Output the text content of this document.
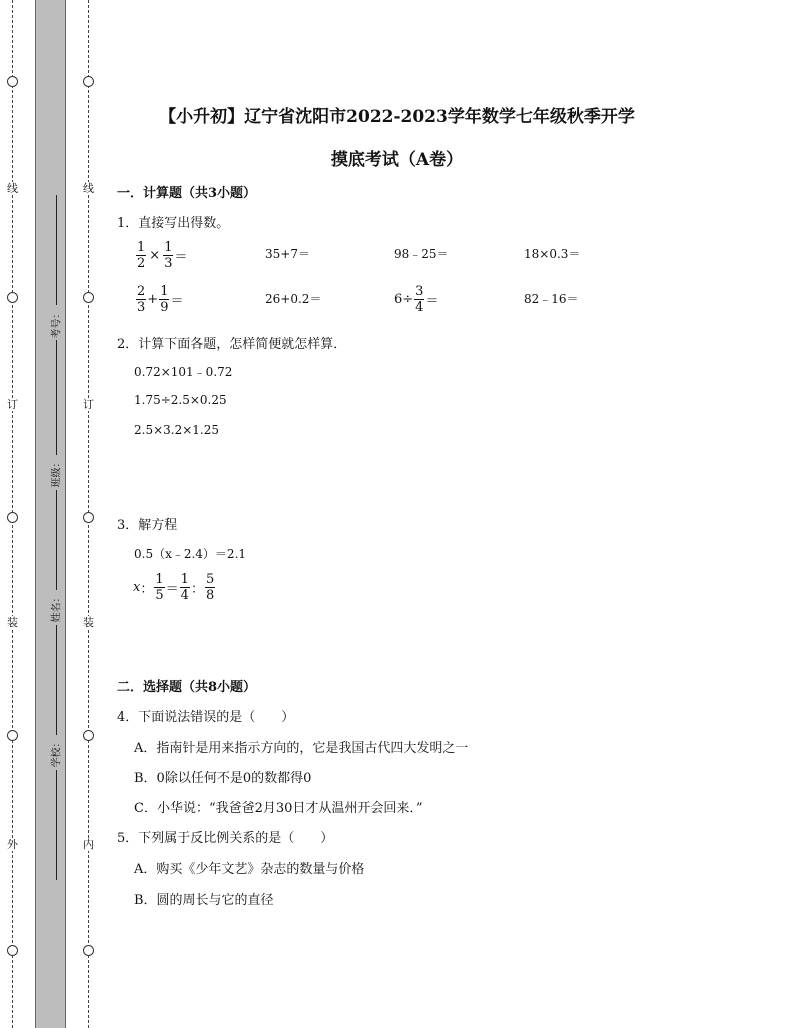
线
订
装
外
线
订
装
内
考号：
班级：
姓名：
学校：
【小升初】辽宁省沈阳市2022-2023学年数学七年级秋季开学
摸底考试（A卷）
一．计算题（共3小题）
1．直接写出得数。
$\frac{1}{2} \times \frac{1}{3}$ ＝	35+7＝	98﹣25＝	18×0.3＝
$\frac{2}{3} + \frac{1}{9}$ ＝	26+0.2＝	$6\div \frac{3}{4}$ ＝	82﹣16＝
2．计算下面各题，怎样简便就怎样算．
0.72×101﹣0.72
1.75÷2.5×0.25
2.5×3.2×1.25
3．解方程
0.5（x﹣2.4）＝2.1
x ： $\frac{1}{5} = \frac{1}{4}$ ： $\frac{5}{8}$
二．选择题（共8小题）
4．下面说法错误的是（　　）
A．指南针是用来指示方向的，它是我国古代四大发明之一
B．0除以任何不是0的数都得0
C．小华说：“我爸爸2月30日才从温州开会回来．”
5．下列属于反比例关系的是（　　）
A．购买《少年文艺》杂志的数量与价格
B．圆的周长与它的直径
